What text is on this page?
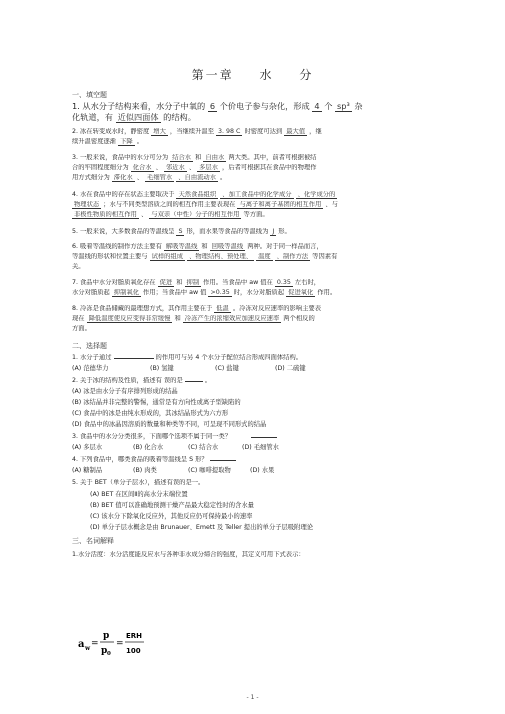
第一章 水 分
一、填空题
1. 从水分子结构来看，水分子中氧的 6 个价电子参与杂化，形成 4 个 sp³ 杂
化轨道，有 近似四面体 的结构。
2. 冰在转变成水时，静密度 增大 ，当继续升温至 3. 98 C 时密度可达到 最大值 ，继
续升温密度逐渐 下降 。
3. 一般来说，食品中的水分可分为 结合水 和 自由水 两大类。其中，前者可根据被结
合的牢固程度细分为 化合水 、 邻近水 、 多层水 ，后者可根据其在食品中的物理作
用方式细分为 滞化水 、 毛细管水 、自由流动水 。
4. 水在食品中的存在状态主要取决于 天然食品组织 、加工食品中的化学成分 、化学成分的
物理状态 ；水与不同类型溶质之间的相互作用主要表现在 与离子和离子基团的相互作用 、与
非极性物质的相互作用 、 与双亲（中性）分子的相互作用 等方面。
5. 一般来说，大多数食品的等温线呈 S 形，而水果等食品的等温线为 J 形。
6. 吸着等温线的制作方法主要有 解吸等温线 和 回吸等温线 两种。对于同一样品而言，
等温线的形状和位置主要与 试样的组成 、物理结构、预处理、 温度 、制作方法 等因素有
关。
7. 食品中水分对脂质氧化存在 促进 和 抑制 作用。当食品中 aw 值在 0.35 左右时，
水分对脂质起 抑制氧化 作用；当食品中 aw 值 >0.35 时，水分对脂质起 促进氧化 作用。
8. 冷冻是食品储藏的最理想方式，其作用主要在于 低温 。冷冻对反应速率的影响主要表
现在 降低温度使反应变得非常缓慢 和 冷冻产生的浓缩效应加速反应速率 两个相反的
方面。
二、选择题
1. 水分子通过	的作用可与另 4 个水分子配位结合形成四面体结构。
(A) 范德华力	(B) 氢键	(C) 盐键	(D) 二硫键
2. 关于冰的结构及性质，描述有 误的是	。
(A) 冰是由水分子有序排列形成的结晶
(B) 冰结晶并非完整的警惕，通常是有方向性或离子型缺陷的
(C) 食品中的冰是由纯水形成的，其冰结晶形式为六方形
(D) 食品中的冰晶因溶质的数量和种类等不同，可呈现不同形式的结晶
3. 食品中的水分分类很多，下面哪个选项不属于同一类？
(A) 多层水	(B) 化合水	(C) 结合水	(D) 毛细管水
4. 下列食品中，哪类食品的吸着等温线呈 S 形？
(A) 糖制品	(B) 肉类	(C) 咖啡提取物	(D) 水果
5. 关于 BET（单分子层水），描述有误的是一。
(A) BET 在区间Ⅱ的高水分末端位置
(B) BET 值可以准确地预测干燥产品最大稳定性时的含水量
(C) 该水分下除氧化反应外，其他反应仍可保持最小的速率
(D) 单分子层水概念是由 Brunauer、Emett 及 Teller 提出的单分子层吸附理论
三、名词解释
1.水分活度：水分活度能反应水与各种非水成分缔合的强度，其定义可用下式表示：
a w =
p
p 0
=
ERH
100
- 1 -
